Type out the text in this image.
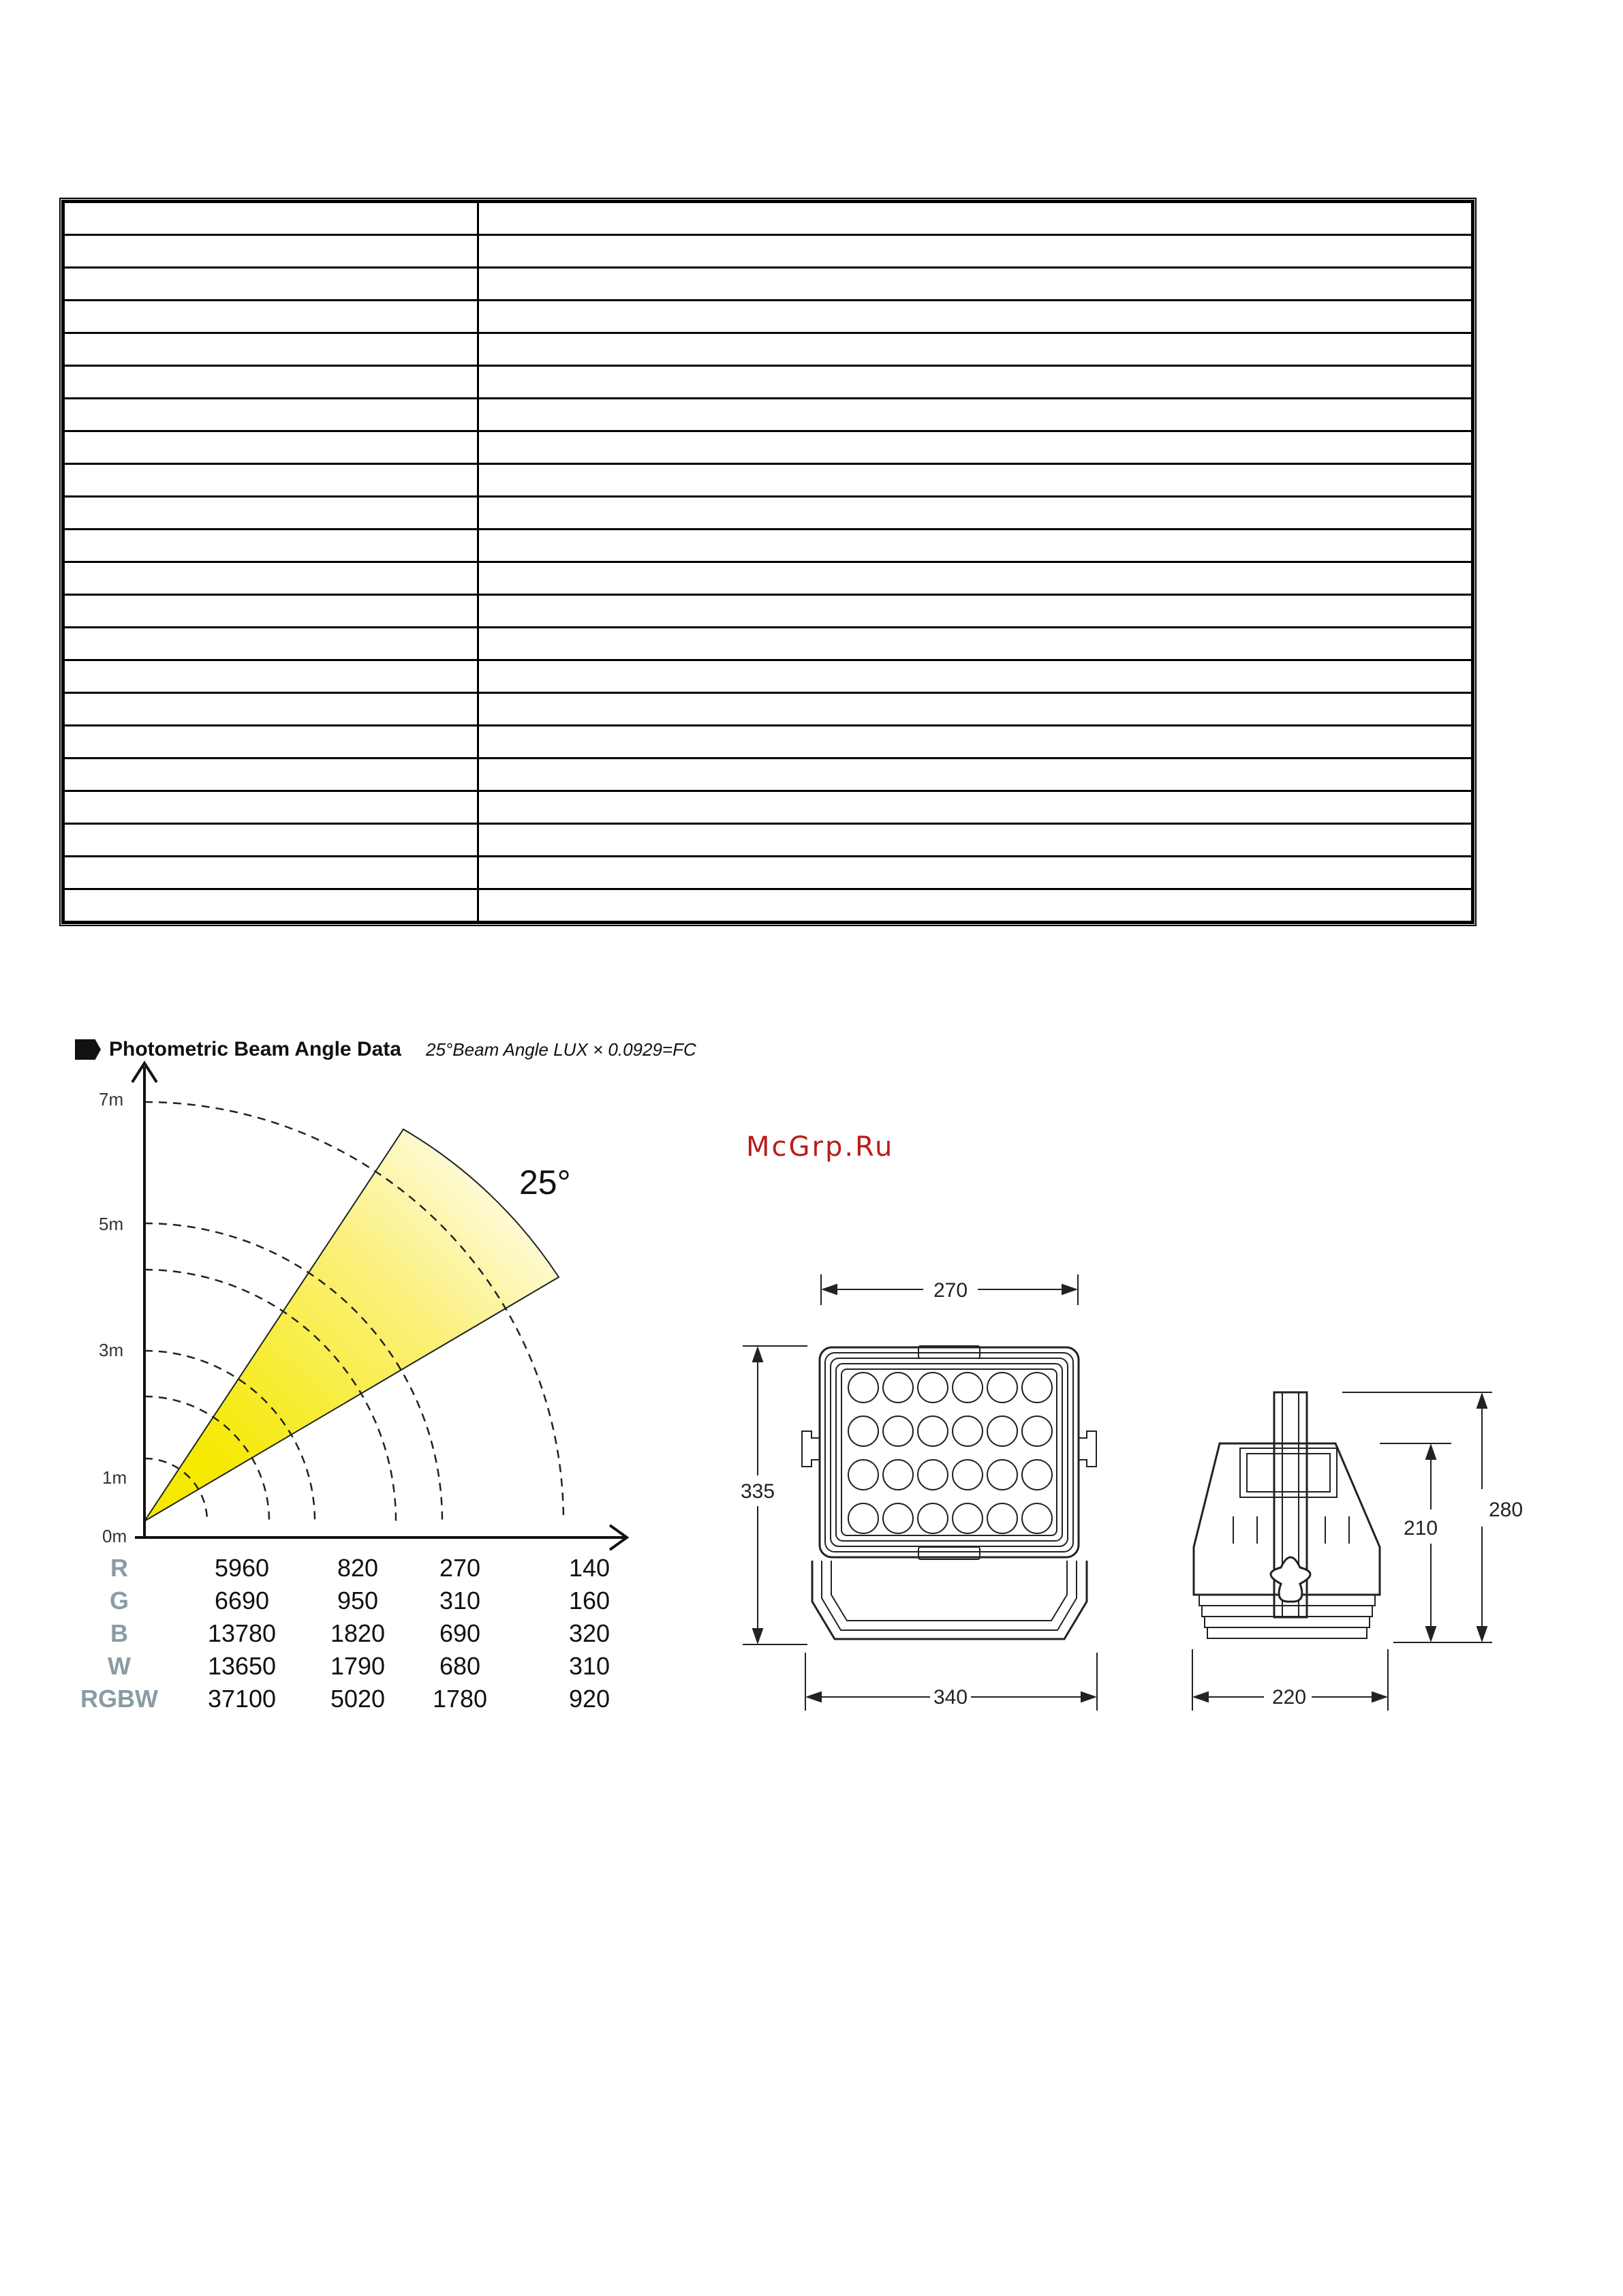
Photometric Beam Angle Data 25°Beam Angle LUX × 0.0929=FC
7m
5m
3m
1m
0m
25°
R	5960	820	270	140
G	6690	950	310	160
B	13780	1820	690	320
W	13650	1790	680	310
RGBW	37100	5020	1780	920
McGrp.Ru
270
335
340
280
210
220
